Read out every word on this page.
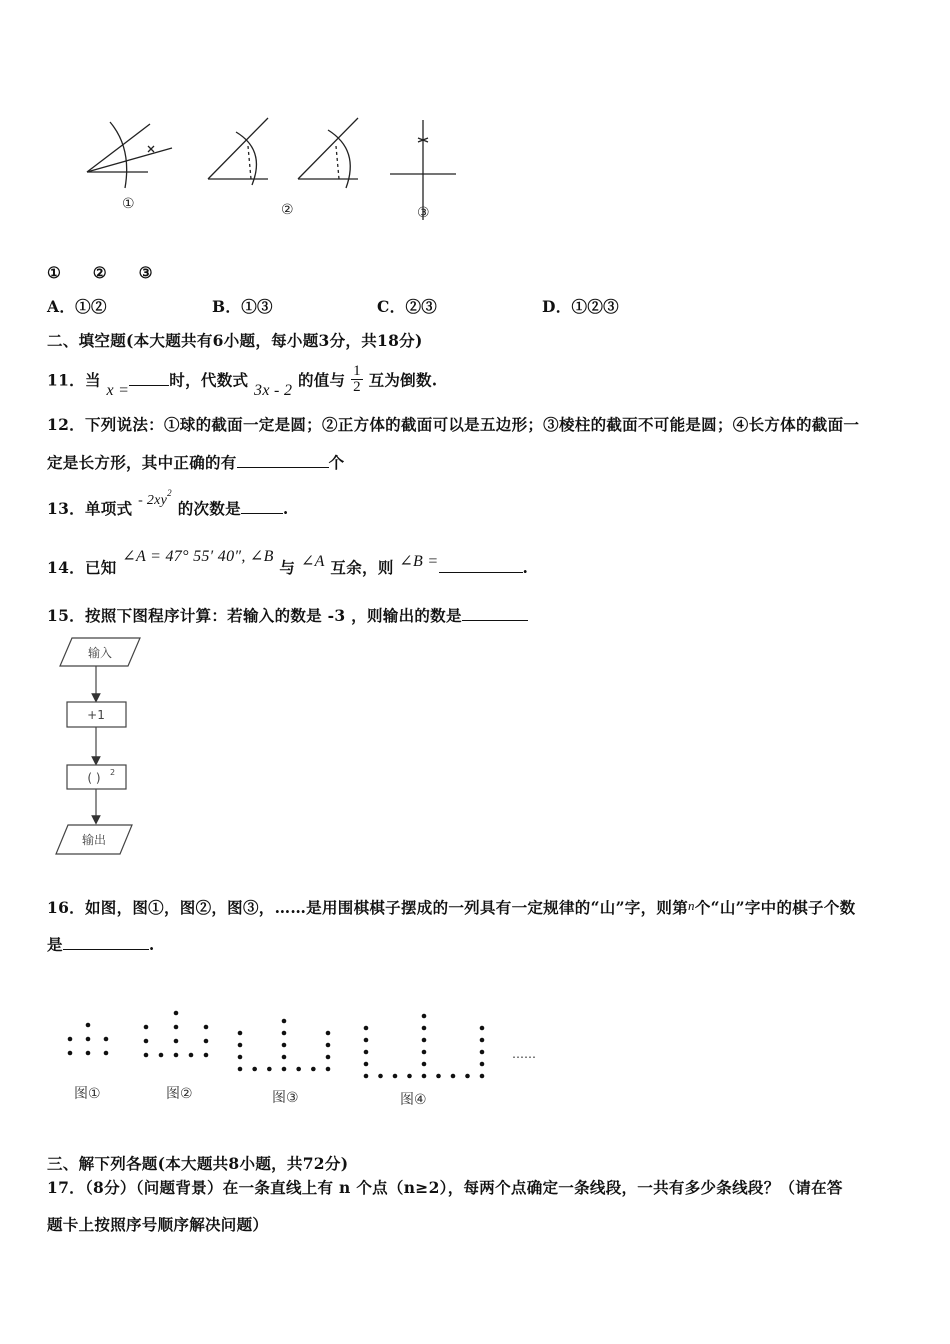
①	②	③
①　　②　　③
A．①②	B．①③	C．②③	D．①②③
二、填空题(本大题共有6小题，每小题3分，共18分)
11．当 x =时，代数式 3x - 2 的值与 $\frac{1}{2}$ 互为倒数.
12．下列说法：①球的截面一定是圆；②正方体的截面可以是五边形；③棱柱的截面不可能是圆；④长方体的截面一
定是长方形，其中正确的有	个
13．单项式 - $2xy^2$ 的次数是	.
14．已知 ∠A = 47° 55′ 40″, ∠B 与 ∠A 互余，则 ∠B =	.
15．按照下图程序计算：若输入的数是 -3 ，则输出的数是
输入
+1
( ) 2
输出
16．如图，图①，图②，图③，……是用围棋棋子摆成的一列具有一定规律的“山”字，则第n个“山”字中的棋子个数
是	.
图①	图②	图③	图④
……
三、解下列各题(本大题共8小题，共72分)
17．（8分）（问题背景）在一条直线上有 n 个点（n≥2），每两个点确定一条线段，一共有多少条线段？（请在答
题卡上按照序号顺序解决问题）
